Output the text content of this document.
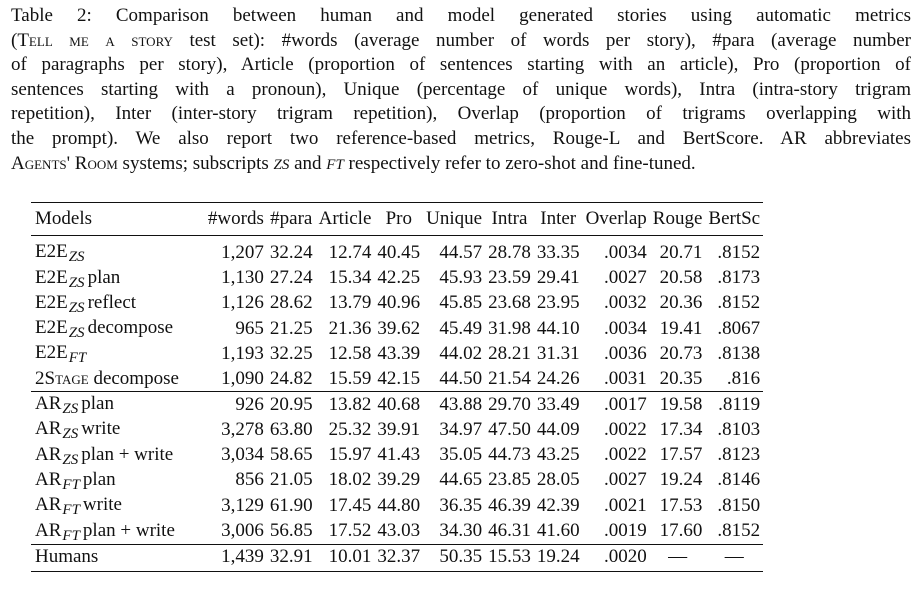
Table 2: Comparison between human and model generated stories using automatic metrics
(Tell me a story test set): #words (average number of words per story), #para (average number
of paragraphs per story), Article (proportion of sentences starting with an article), Pro (proportion of
sentences starting with a pronoun), Unique (percentage of unique words), Intra (intra-story trigram
repetition), Inter (inter-story trigram repetition), Overlap (proportion of trigrams overlapping with
the prompt). We also report two reference-based metrics, Rouge-L and BertScore. AR abbreviates
Agents' Room systems; subscripts ZS and FT respectively refer to zero-shot and fine-tuned.
Models	#words	#para	Article	Pro	Unique	Intra	Inter	Overlap	Rouge	BertSc
$E2E_{ZS}$	1,207	32.24	12.74	40.45	44.57	28.78	33.35	.0034	20.71	.8152
$E2E_{ZS}$ plan	1,130	27.24	15.34	42.25	45.93	23.59	29.41	.0027	20.58	.8173
$E2E_{ZS}$ reflect	1,126	28.62	13.79	40.96	45.85	23.68	23.95	.0032	20.36	.8152
$E2E_{ZS}$ decompose	965	21.25	21.36	39.62	45.49	31.98	44.10	.0034	19.41	.8067
$E2E_{FT}$	1,193	32.25	12.58	43.39	44.02	28.21	31.31	.0036	20.73	.8138
2Stage decompose	1,090	24.82	15.59	42.15	44.50	21.54	24.26	.0031	20.35	.816
$AR_{ZS}$ plan	926	20.95	13.82	40.68	43.88	29.70	33.49	.0017	19.58	.8119
$AR_{ZS}$ write	3,278	63.80	25.32	39.91	34.97	47.50	44.09	.0022	17.34	.8103
$AR_{ZS}$ plan + write	3,034	58.65	15.97	41.43	35.05	44.73	43.25	.0022	17.57	.8123
$AR_{FT}$ plan	856	21.05	18.02	39.29	44.65	23.85	28.05	.0027	19.24	.8146
$AR_{FT}$ write	3,129	61.90	17.45	44.80	36.35	46.39	42.39	.0021	17.53	.8150
$AR_{FT}$ plan + write	3,006	56.85	17.52	43.03	34.30	46.31	41.60	.0019	17.60	.8152
Humans	1,439	32.91	10.01	32.37	50.35	15.53	19.24	.0020	—	—
